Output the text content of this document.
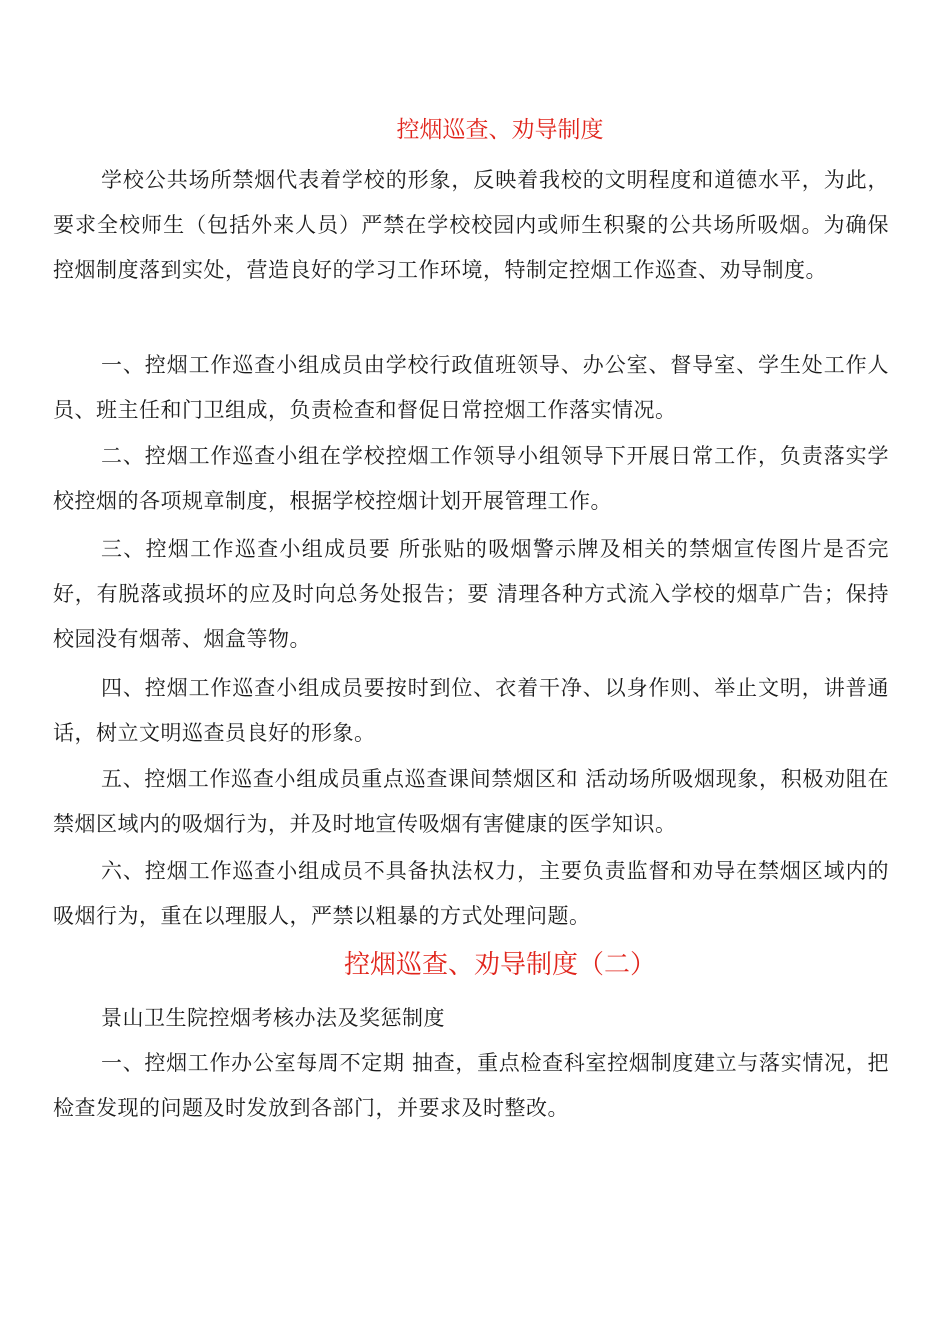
控烟巡查、劝导制度

学校公共场所禁烟代表着学校的形象，反映着我校的文明程度和道德水平，为此，要求全校师生（包括外来人员）严禁在学校校园内或师生积聚的公共场所吸烟。为确保控烟制度落到实处，营造良好的学习工作环境，特制定控烟工作巡查、劝导制度。

一、控烟工作巡查小组成员由学校行政值班领导、办公室、督导室、学生处工作人员、班主任和门卫组成，负责检查和督促日常控烟工作落实情况。

二、控烟工作巡查小组在学校控烟工作领导小组领导下开展日常工作，负责落实学校控烟的各项规章制度，根据学校控烟计划开展管理工作。

三、控烟工作巡查小组成员要 所张贴的吸烟警示牌及相关的禁烟宣传图片是否完好，有脱落或损坏的应及时向总务处报告；要 清理各种方式流入学校的烟草广告；保持校园没有烟蒂、烟盒等物。

四、控烟工作巡查小组成员要按时到位、衣着干净、以身作则、举止文明，讲普通话，树立文明巡查员良好的形象。

五、控烟工作巡查小组成员重点巡查课间禁烟区和 活动场所吸烟现象，积极劝阻在禁烟区域内的吸烟行为，并及时地宣传吸烟有害健康的医学知识。

六、控烟工作巡查小组成员不具备执法权力，主要负责监督和劝导在禁烟区域内的吸烟行为，重在以理服人，严禁以粗暴的方式处理问题。

控烟巡查、劝导制度（二）

景山卫生院控烟考核办法及奖惩制度

一、控烟工作办公室每周不定期 抽查，重点检查科室控烟制度建立与落实情况，把检查发现的问题及时发放到各部门，并要求及时整改。
